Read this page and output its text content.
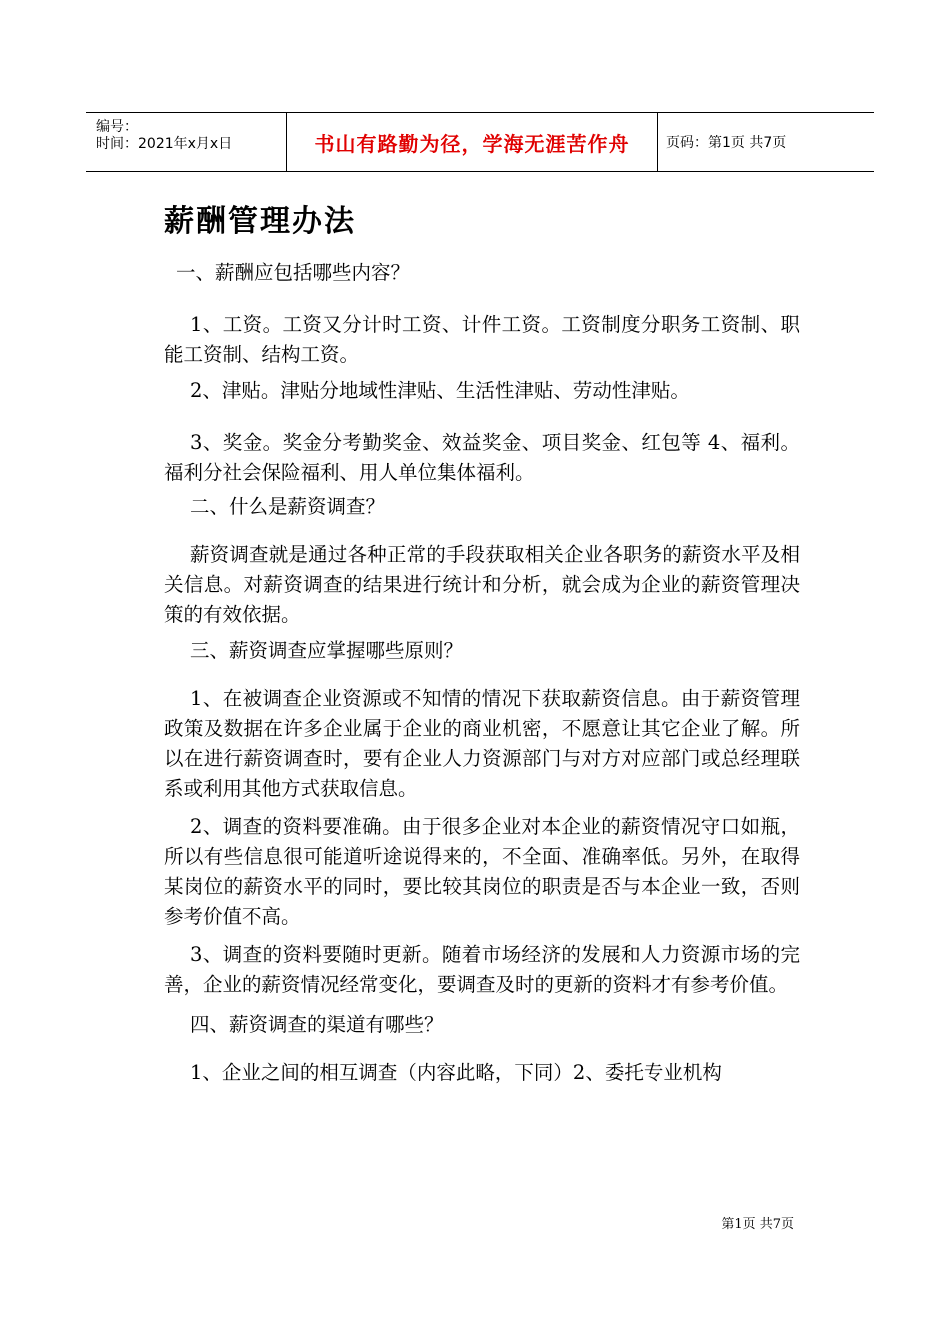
编号：
时间：2021年x月x日	书山有路勤为径，学海无涯苦作舟	页码：第1页 共7页
薪酬管理办法

一、薪酬应包括哪些内容？

1、工资。工资又分计时工资、计件工资。工资制度分职务工资制、职能工资制、结构工资。

2、津贴。津贴分地域性津贴、生活性津贴、劳动性津贴。

3、奖金。奖金分考勤奖金、效益奖金、项目奖金、红包等 4、福利。福利分社会保险福利、用人单位集体福利。

二、什么是薪资调查？

薪资调查就是通过各种正常的手段获取相关企业各职务的薪资水平及相关信息。对薪资调查的结果进行统计和分析，就会成为企业的薪资管理决策的有效依据。

三、薪资调查应掌握哪些原则？

1、在被调查企业资源或不知情的情况下获取薪资信息。由于薪资管理政策及数据在许多企业属于企业的商业机密，不愿意让其它企业了解。所以在进行薪资调查时，要有企业人力资源部门与对方对应部门或总经理联系或利用其他方式获取信息。

2、调查的资料要准确。由于很多企业对本企业的薪资情况守口如瓶，所以有些信息很可能道听途说得来的，不全面、准确率低。另外，在取得某岗位的薪资水平的同时，要比较其岗位的职责是否与本企业一致，否则参考价值不高。

3、调查的资料要随时更新。随着市场经济的发展和人力资源市场的完善，企业的薪资情况经常变化，要调查及时的更新的资料才有参考价值。

四、薪资调查的渠道有哪些？

1、企业之间的相互调查（内容此略，下同）2、委托专业机构

第1页 共7页
